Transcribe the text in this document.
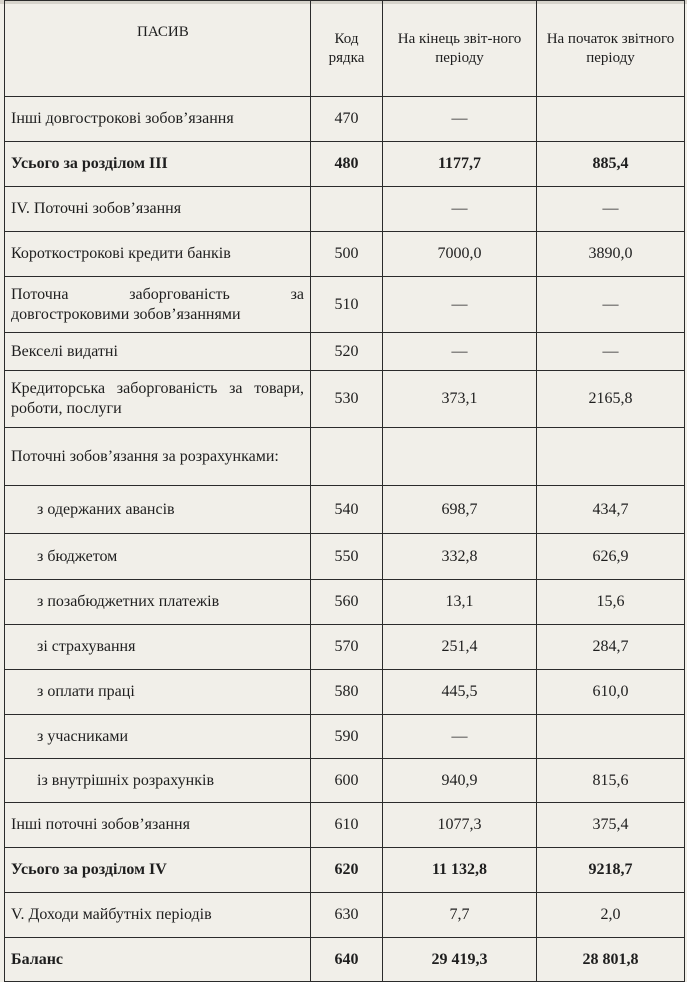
ПАСИВ	Код рядка	На кінець звіт-ного періоду	На початок звітного періоду
Інші довгострокові зобов’язання	470	—	
Усього за розділом III	480	1177,7	885,4
IV. Поточні зобов’язання		—	—
Короткострокові кредити банків	500	7000,0	3890,0
Поточна заборгованість за довгостроковими зобов’язаннями	510	—	—
Векселі видатні	520	—	—
Кредиторська заборгованість за товари, роботи, послуги	530	373,1	2165,8
Поточні зобов’язання за розрахунками:			
з одержаних авансів	540	698,7	434,7
з бюджетом	550	332,8	626,9
з позабюджетних платежів	560	13,1	15,6
зі страхування	570	251,4	284,7
з оплати праці	580	445,5	610,0
з учасниками	590	—	
із внутрішніх розрахунків	600	940,9	815,6
Інші поточні зобов’язання	610	1077,3	375,4
Усього за розділом IV	620	11 132,8	9218,7
V. Доходи майбутніх періодів	630	7,7	2,0
Баланс	640	29 419,3	28 801,8
